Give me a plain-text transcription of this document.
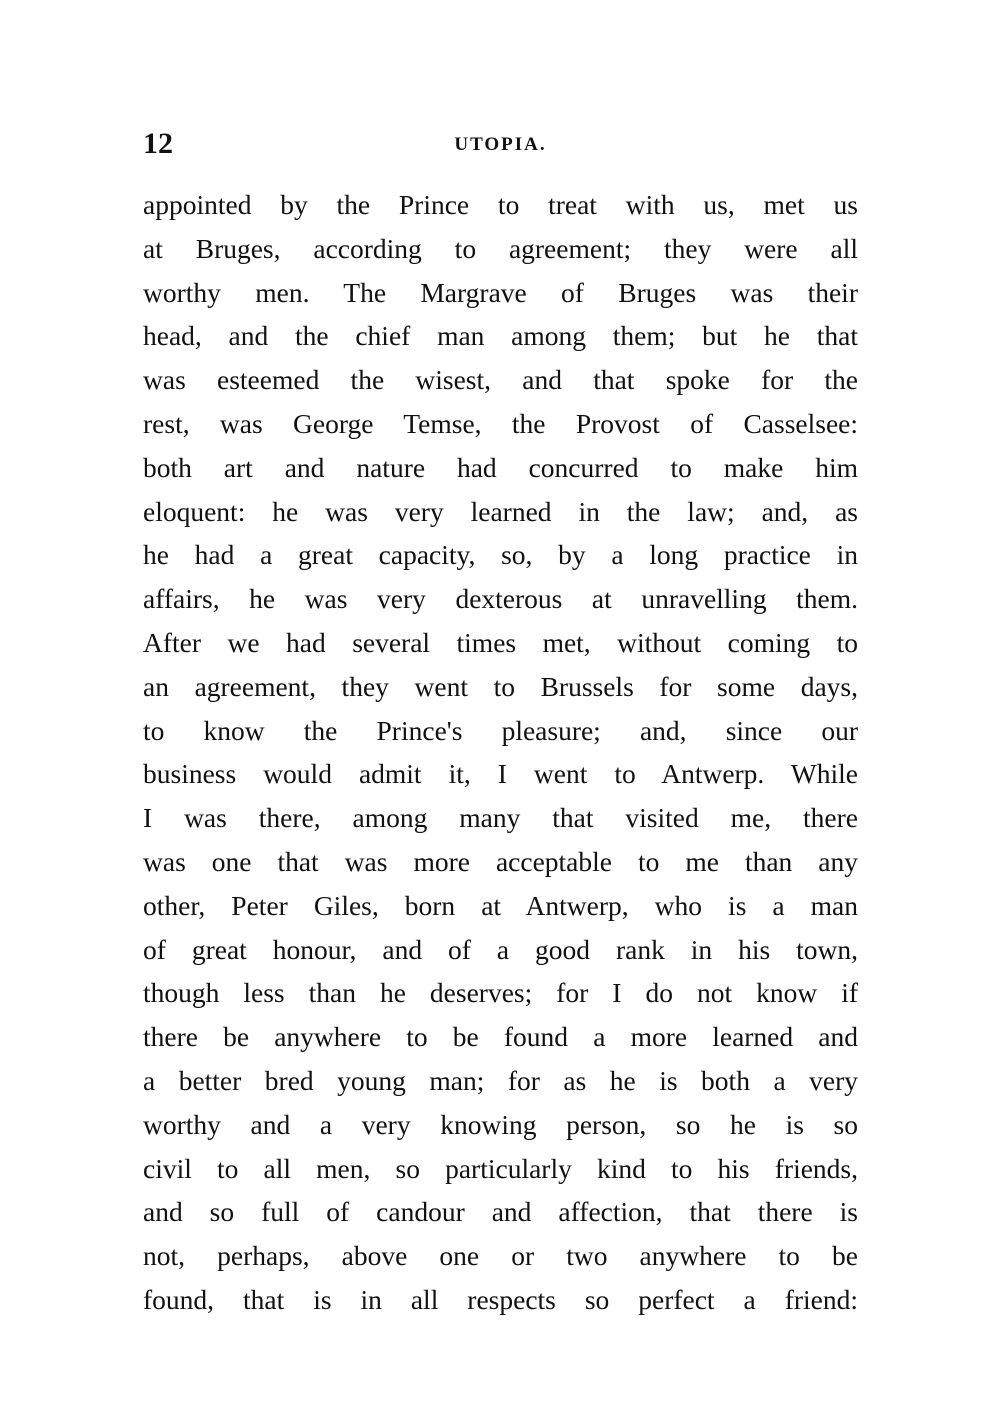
12	UTOPIA.
appointed by the Prince to treat with us, met us
at Bruges, according to agreement; they were all
worthy men. The Margrave of Bruges was their
head, and the chief man among them; but he that
was esteemed the wisest, and that spoke for the
rest, was George Temse, the Provost of Casselsee:
both art and nature had concurred to make him
eloquent: he was very learned in the law; and, as
he had a great capacity, so, by a long practice in
affairs, he was very dexterous at unravelling them.
After we had several times met, without coming to
an agreement, they went to Brussels for some days,
to know the Prince's pleasure; and, since our
business would admit it, I went to Antwerp. While
I was there, among many that visited me, there
was one that was more acceptable to me than any
other, Peter Giles, born at Antwerp, who is a man
of great honour, and of a good rank in his town,
though less than he deserves; for I do not know if
there be anywhere to be found a more learned and
a better bred young man; for as he is both a very
worthy and a very knowing person, so he is so
civil to all men, so particularly kind to his friends,
and so full of candour and affection, that there is
not, perhaps, above one or two anywhere to be
found, that is in all respects so perfect a friend:
